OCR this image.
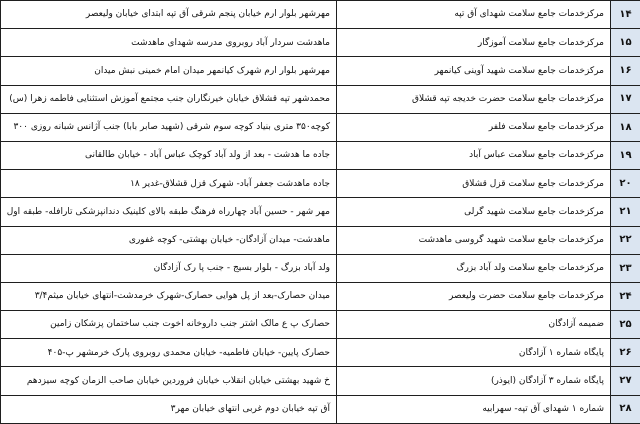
۱۴	مرکزخدمات جامع سلامت شهدای آق تپه	مهرشهر بلوار ارم خیابان پنجم شرقی آق تپه ابتدای خیابان ولیعصر
۱۵	مرکزخدمات جامع سلامت آموزگار	ماهدشت سردار آباد روبروی مدرسه شهدای ماهدشت
۱۶	مرکزخدمات جامع سلامت شهید آوینی کیانمهر	مهرشهر بلوار ارم شهرک کیانمهر میدان امام خمینی نبش میدان
۱۷	مرکزخدمات جامع سلامت حضرت خدیجه تپه قشلاق	محمدشهر تپه قشلاق خیابان خیرنگاران جنب مجتمع آموزش استثنایی فاطمه زهرا (س)
۱۸	مرکزخدمات جامع سلامت فلفر	کوچه۳۵۰ متری بنیاد کوچه سوم شرقی (شهید صابر بابا) جنب آژانس شبانه روزی ۳۰۰
۱۹	مرکزخدمات جامع سلامت عباس آباد	جاده ما هدشت - بعد از ولد آباد کوچک عباس آباد - خیابان طالقانی
۲۰	مرکزخدمات جامع سلامت قزل قشلاق	جاده ماهدشت جعفر آباد- شهرک قزل قشلاق-غدیر ۱۸
۲۱	مرکزخدمات جامع سلامت شهید گرلی	مهر شهر - حسین آباد چهارراه فرهنگ طبقه بالای کلینیک دندانپزشکی تارافله- طبقه اول
۲۲	مرکزخدمات جامع سلامت شهید گروسی ماهدشت	ماهدشت- میدان آزادگان- خیابان بهشتی- کوچه غفوری
۲۳	مرکزخدمات جامع سلامت ولد آباد بزرگ	ولد آباد بزرگ - بلوار بسیج - جنب پا رک آزادگان
۲۴	مرکزخدمات جامع سلامت حضرت ولیعصر	میدان حصارک-بعد از پل هوایی حصارک-شهرک خرمدشت-انتهای خیابان میثم۳/۴
۲۵	ضمیمه آزادگان	حصارک پ ع مالک اشتر جنب داروخانه اخوت جنب ساختمان پزشکان زامین
۲۶	پایگاه شماره ۱ آزادگان	حصارک پایین- خیابان فاطمیه- خیابان محمدی روبروی پارک خرمشهر پ-۴۰۵
۲۷	پایگاه شماره ۳ آزادگان (ایوذر)	خ شهید بهشتی خیابان انقلاب خیابان فروردین خیابان صاحب الزمان کوچه سیزدهم
۲۸	شماره ۱ شهدای آق تپه- سهرابیه	آق تپه خیابان دوم غربی انتهای خیابان مهر۳
